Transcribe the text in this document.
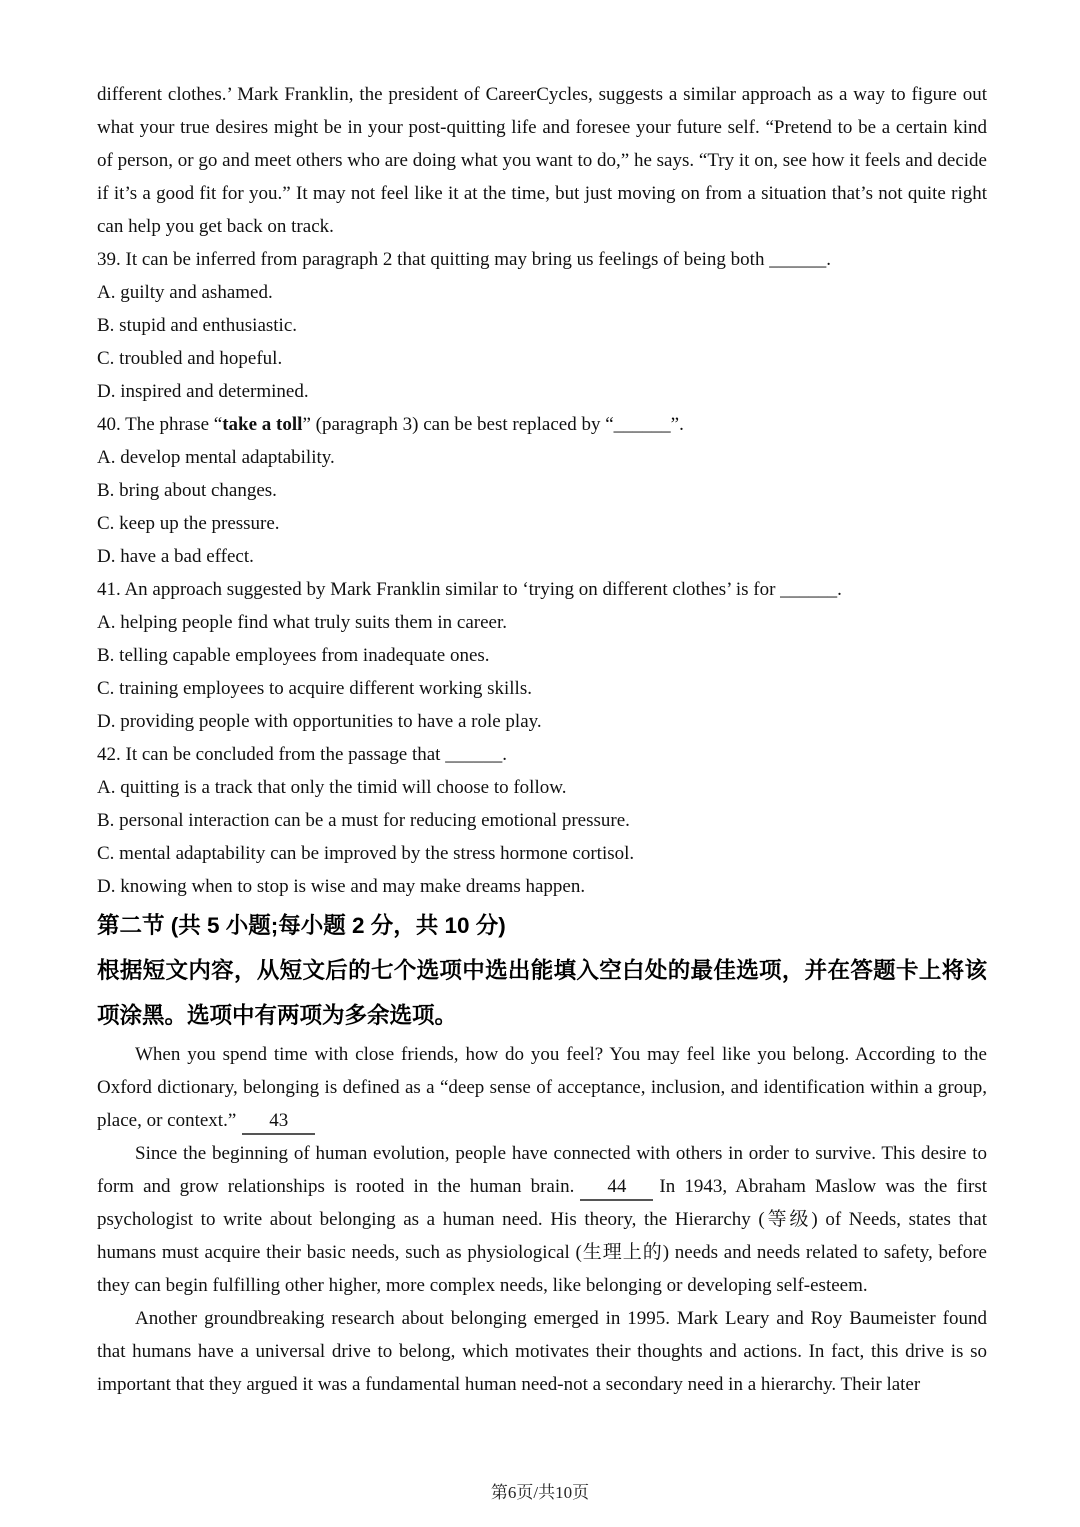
different clothes.’ Mark Franklin, the president of CareerCycles, suggests a similar approach as a way to figure out what your true desires might be in your post-quitting life and foresee your future self. “Pretend to be a certain kind of person, or go and meet others who are doing what you want to do,” he says. “Try it on, see how it feels and decide if it’s a good fit for you.” It may not feel like it at the time, but just moving on from a situation that’s not quite right can help you get back on track.

39. It can be inferred from paragraph 2 that quitting may bring us feelings of being both ______.

A. guilty and ashamed.

B. stupid and enthusiastic.

C. troubled and hopeful.

D. inspired and determined.

40. The phrase “take a toll” (paragraph 3) can be best replaced by “______”.

A. develop mental adaptability.

B. bring about changes.

C. keep up the pressure.

D. have a bad effect.

41. An approach suggested by Mark Franklin similar to ‘trying on different clothes’ is for ______.

A. helping people find what truly suits them in career.

B. telling capable employees from inadequate ones.

C. training employees to acquire different working skills.

D. providing people with opportunities to have a role play.

42. It can be concluded from the passage that ______.

A. quitting is a track that only the timid will choose to follow.

B. personal interaction can be a must for reducing emotional pressure.

C. mental adaptability can be improved by the stress hormone cortisol.

D. knowing when to stop is wise and may make dreams happen.

第二节 (共 5 小题;每小题 2 分，共 10 分)

根据短文内容，从短文后的七个选项中选出能填入空白处的最佳选项，并在答题卡上将该项涂黑。选项中有两项为多余选项。

When you spend time with close friends, how do you feel? You may feel like you belong. According to the Oxford dictionary, belonging is defined as a “deep sense of acceptance, inclusion, and identification within a group, place, or context.” 43

Since the beginning of human evolution, people have connected with others in order to survive. This desire to form and grow relationships is rooted in the human brain. 44 In 1943, Abraham Maslow was the first psychologist to write about belonging as a human need. His theory, the Hierarchy (等级) of Needs, states that humans must acquire their basic needs, such as physiological (生理上的) needs and needs related to safety, before they can begin fulfilling other higher, more complex needs, like belonging or developing self-esteem.

Another groundbreaking research about belonging emerged in 1995. Mark Leary and Roy Baumeister found that humans have a universal drive to belong, which motivates their thoughts and actions. In fact, this drive is so important that they argued it was a fundamental human need-not a secondary need in a hierarchy. Their later

第6页/共10页
